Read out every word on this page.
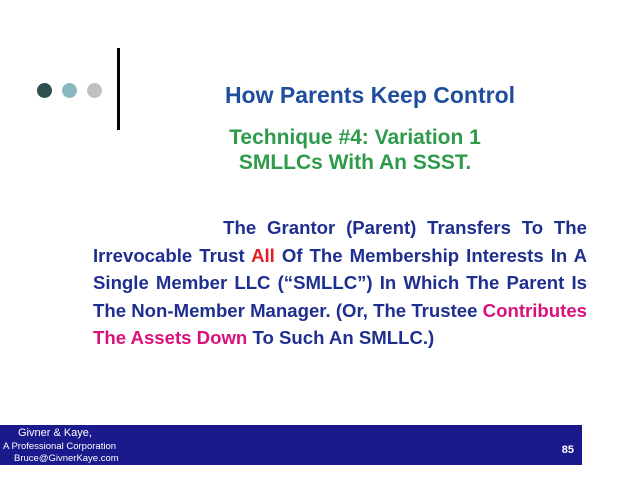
How Parents Keep Control
Technique #4: Variation 1
SMLLCs With An SSST.
The Grantor (Parent) Transfers To The Irrevocable Trust All Of The Membership Interests In A Single Member LLC (“SMLLC”) In Which The Parent Is The Non-Member Manager. (Or, The Trustee Contributes The Assets Down To Such An SMLLC.)
Givner & Kaye,
A Professional Corporation
Bruce@GivnerKaye.com
85
